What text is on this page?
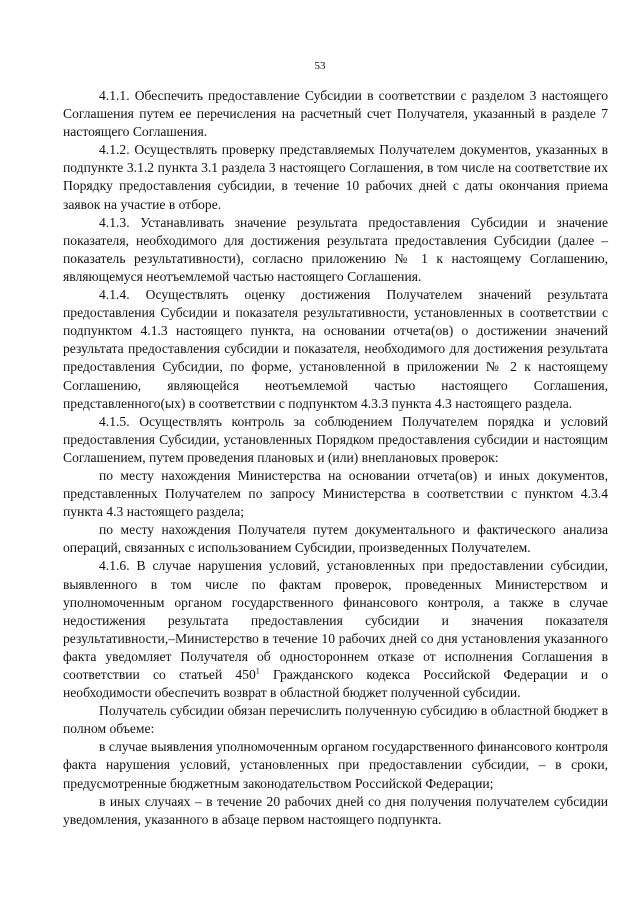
53

4.1.1. Обеспечить предоставление Субсидии в соответствии с разделом 3 настоящего Соглашения путем ее перечисления на расчетный счет Получателя, указанный в разделе 7 настоящего Соглашения.

4.1.2. Осуществлять проверку представляемых Получателем документов, указанных в подпункте 3.1.2 пункта 3.1 раздела 3 настоящего Соглашения, в том числе на соответствие их Порядку предоставления субсидии, в течение 10 рабочих дней с даты окончания приема заявок на участие в отборе.

4.1.3. Устанавливать значение результата предоставления Субсидии и значение показателя, необходимого для достижения результата предоставления Субсидии (далее – показатель результативности), согласно приложению № 1 к настоящему Соглашению, являющемуся неотъемлемой частью настоящего Соглашения.

4.1.4. Осуществлять оценку достижения Получателем значений результата предоставления Субсидии и показателя результативности, установленных в соответствии с подпунктом 4.1.3 настоящего пункта, на основании отчета(ов) о достижении значений результата предоставления субсидии и показателя, необходимого для достижения результата предоставления Субсидии, по форме, установленной в приложении № 2 к настоящему Соглашению, являющейся неотъемлемой частью настоящего Соглашения, представленного(ых) в соответствии с подпунктом 4.3.3 пункта 4.3 настоящего раздела.

4.1.5. Осуществлять контроль за соблюдением Получателем порядка и условий предоставления Субсидии, установленных Порядком предоставления субсидии и настоящим Соглашением, путем проведения плановых и (или) внеплановых проверок:

по месту нахождения Министерства на основании отчета(ов) и иных документов, представленных Получателем по запросу Министерства в соответствии с пунктом 4.3.4 пункта 4.3 настоящего раздела;

по месту нахождения Получателя путем документального и фактического анализа операций, связанных с использованием Субсидии, произведенных Получателем.

4.1.6. В случае нарушения условий, установленных при предоставлении субсидии, выявленного в том числе по фактам проверок, проведенных Министерством и уполномоченным органом государственного финансового контроля, а также в случае недостижения результата предоставления субсидии и значения показателя результативности,–Министерство в течение 10 рабочих дней со дня установления указанного факта уведомляет Получателя об одностороннем отказе от исполнения Соглашения в соответствии со статьей $450^1$ Гражданского кодекса Российской Федерации и о необходимости обеспечить возврат в областной бюджет полученной субсидии.

Получатель субсидии обязан перечислить полученную субсидию в областной бюджет в полном объеме:

в случае выявления уполномоченным органом государственного финансового контроля факта нарушения условий, установленных при предоставлении субсидии, – в сроки, предусмотренные бюджетным законодательством Российской Федерации;

в иных случаях – в течение 20 рабочих дней со дня получения получателем субсидии уведомления, указанного в абзаце первом настоящего подпункта.
